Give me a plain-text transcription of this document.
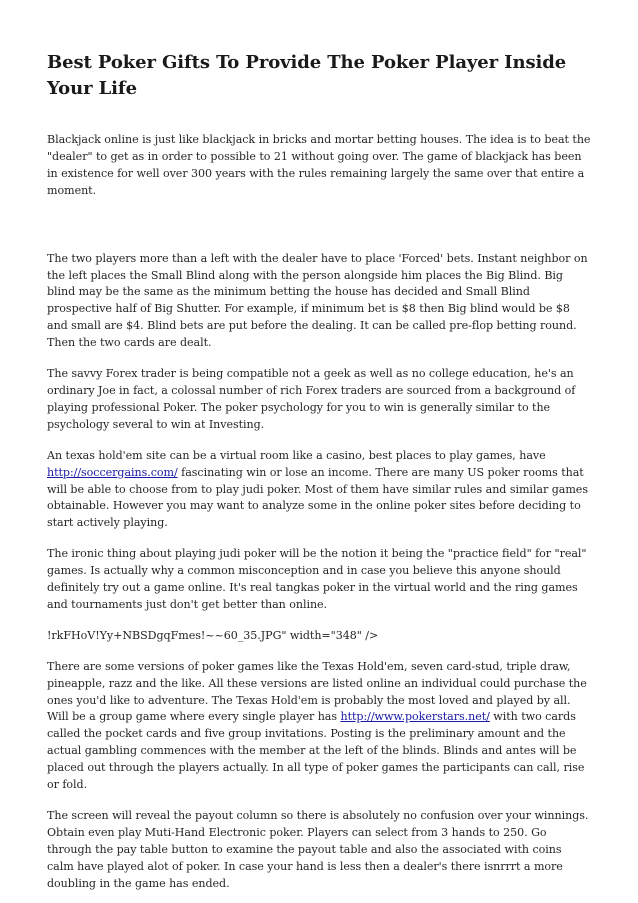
Best Poker Gifts To Provide The Poker Player Inside Your Life

Blackjack online is just like blackjack in bricks and mortar betting houses. The idea is to beat the "dealer" to get as in order to possible to 21 without going over. The game of blackjack has been in existence for well over 300 years with the rules remaining largely the same over that entire a moment.

The two players more than a left with the dealer have to place 'Forced' bets. Instant neighbor on the left places the Small Blind along with the person alongside him places the Big Blind. Big blind may be the same as the minimum betting the house has decided and Small Blind prospective half of Big Shutter. For example, if minimum bet is $8 then Big blind would be $8 and small are $4. Blind bets are put before the dealing. It can be called pre-flop betting round. Then the two cards are dealt.

The savvy Forex trader is being compatible not a geek as well as no college education, he's an ordinary Joe in fact, a colossal number of rich Forex traders are sourced from a background of playing professional Poker. The poker psychology for you to win is generally similar to the psychology several to win at Investing.

An texas hold'em site can be a virtual room like a casino, best places to play games, have http://soccergains.com/ fascinating win or lose an income. There are many US poker rooms that will be able to choose from to play judi poker. Most of them have similar rules and similar games obtainable. However you may want to analyze some in the online poker sites before deciding to start actively playing.

The ironic thing about playing judi poker will be the notion it being the "practice field" for "real" games. Is actually why a common misconception and in case you believe this anyone should definitely try out a game online. It's real tangkas poker in the virtual world and the ring games and tournaments just don't get better than online.

!rkFHoV!Yy+NBSDgqFmes!~~60_35.JPG" width="348" />

There are some versions of poker games like the Texas Hold'em, seven card-stud, triple draw, pineapple, razz and the like. All these versions are listed online an individual could purchase the ones you'd like to adventure. The Texas Hold'em is probably the most loved and played by all. Will be a group game where every single player has http://www.pokerstars.net/ with two cards called the pocket cards and five group invitations. Posting is the preliminary amount and the actual gambling commences with the member at the left of the blinds. Blinds and antes will be placed out through the players actually. In all type of poker games the participants can call, rise or fold.

The screen will reveal the payout column so there is absolutely no confusion over your winnings. Obtain even play Muti-Hand Electronic poker. Players can select from 3 hands to 250. Go through the pay table button to examine the payout table and also the associated with coins calm have played alot of poker. In case your hand is less then a dealer's there isnrrrt a more doubling in the game has ended.
